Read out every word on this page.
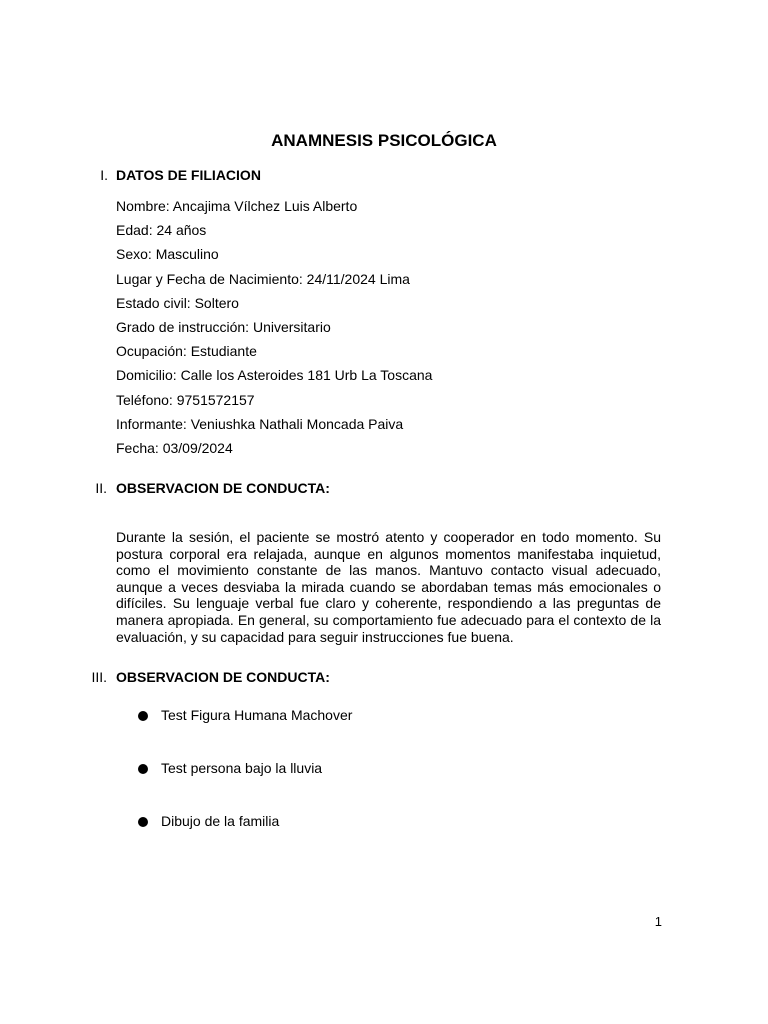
ANAMNESIS PSICOLÓGICA
I. DATOS DE FILIACION
Nombre: Ancajima Vílchez Luis Alberto
Edad: 24 años
Sexo: Masculino
Lugar y Fecha de Nacimiento: 24/11/2024 Lima
Estado civil: Soltero
Grado de instrucción: Universitario
Ocupación: Estudiante
Domicilio: Calle los Asteroides 181 Urb La Toscana
Teléfono: 9751572157
Informante: Veniushka Nathali Moncada Paiva
Fecha: 03/09/2024
II. OBSERVACION DE CONDUCTA:

Durante la sesión, el paciente se mostró atento y cooperador en todo momento. Su postura corporal era relajada, aunque en algunos momentos manifestaba inquietud, como el movimiento constante de las manos. Mantuvo contacto visual adecuado, aunque a veces desviaba la mirada cuando se abordaban temas más emocionales o difíciles. Su lenguaje verbal fue claro y coherente, respondiendo a las preguntas de manera apropiada. En general, su comportamiento fue adecuado para el contexto de la evaluación, y su capacidad para seguir instrucciones fue buena.

III. OBSERVACION DE CONDUCTA:
Test Figura Humana Machover
Test persona bajo la lluvia
Dibujo de la familia

1
